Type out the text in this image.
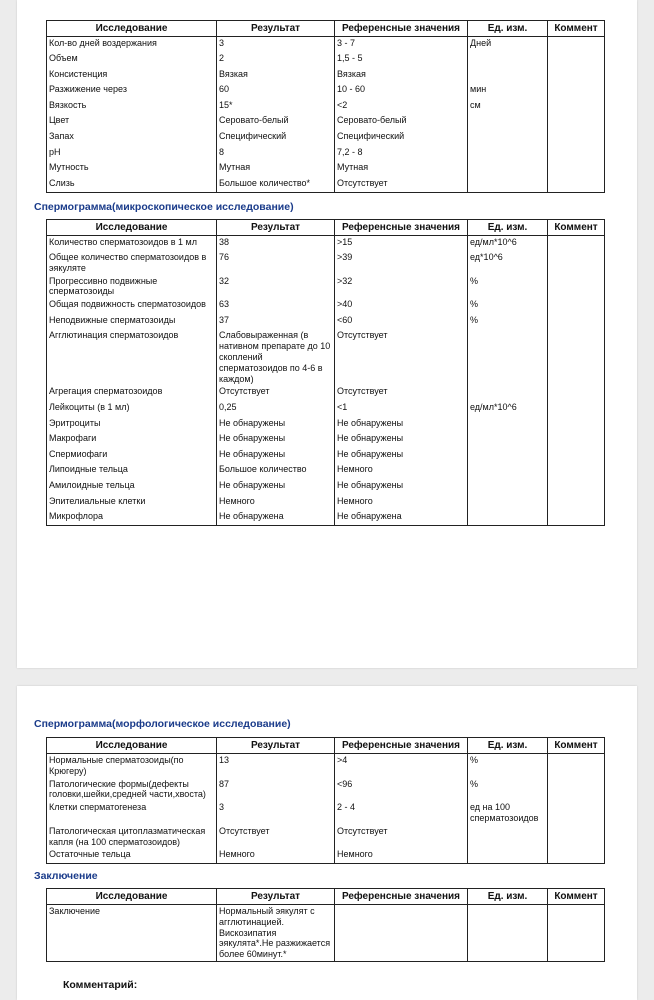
Исследование	Результат	Референсные значения	Ед. изм.	Коммент
Кол-во дней воздержания	3	3 - 7	Дней	
Объем	2	1,5 - 5		
Консистенция	Вязкая	Вязкая		
Разжижение через	60	10 - 60	мин	
Вязкость	15*	<2	см	
Цвет	Серовато-белый	Серовато-белый		
Запах	Специфический	Специфический		
pH	8	7,2 - 8		
Мутность	Мутная	Мутная		
Слизь	Большое количество*	Отсутствует		

Спермограмма(микроскопическое исследование)

Исследование	Результат	Референсные значения	Ед. изм.	Коммент
Количество сперматозоидов в 1 мл	38	>15	ед/мл*10^6	
Общее количество сперматозоидов в эякуляте	76	>39	ед*10^6	
Прогрессивно подвижные сперматозоиды	32	>32	%	
Общая подвижность сперматозоидов	63	>40	%	
Неподвижные сперматозоиды	37	<60	%	
Агглютинация сперматозоидов	Слабовыраженная (в нативном препарате до 10 скоплений сперматозоидов по 4-6 в каждом)	Отсутствует		
Агрегация сперматозоидов	Отсутствует	Отсутствует		
Лейкоциты (в 1 мл)	0,25	<1	ед/мл*10^6	
Эритроциты	Не обнаружены	Не обнаружены		
Макрофаги	Не обнаружены	Не обнаружены		
Спермиофаги	Не обнаружены	Не обнаружены		
Липоидные тельца	Большое количество	Немного		
Амилоидные тельца	Не обнаружены	Не обнаружены		
Эпителиальные клетки	Немного	Немного		
Микрофлора	Не обнаружена	Не обнаружена		

Спермограмма(морфологическое исследование)

Исследование	Результат	Референсные значения	Ед. изм.	Коммент
Нормальные сперматозоиды(по Крюгеру)	13	>4	%	
Патологические формы(дефекты головки,шейки,средней части,хвоста)	87	<96	%	
Клетки сперматогенеза	3	2 - 4	ед на 100 сперматозоидов	
Патологическая цитоплазматическая капля (на 100 сперматозоидов)	Отсутствует	Отсутствует		
Остаточные тельца	Немного	Немного		

Заключение

Исследование	Результат	Референсные значения	Ед. изм.	Коммент
Заключение	Нормальный эякулят с агглютинацией. Вискозипатия эякулята*.Не разжижается более 60минут.*			

Комментарий:
